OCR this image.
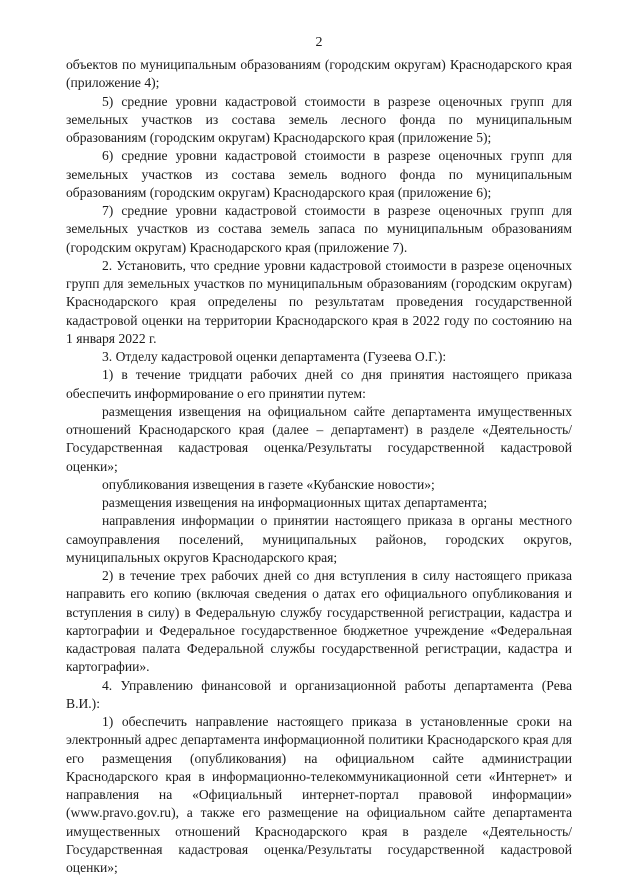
2

объектов по муниципальным образованиям (городским округам) Краснодарского края (приложение 4);

5) средние уровни кадастровой стоимости в разрезе оценочных групп для земельных участков из состава земель лесного фонда по муниципальным образованиям (городским округам) Краснодарского края (приложение 5);

6) средние уровни кадастровой стоимости в разрезе оценочных групп для земельных участков из состава земель водного фонда по муниципальным образованиям (городским округам) Краснодарского края (приложение 6);

7) средние уровни кадастровой стоимости в разрезе оценочных групп для земельных участков из состава земель запаса по муниципальным образованиям (городским округам) Краснодарского края (приложение 7).

2. Установить, что средние уровни кадастровой стоимости в разрезе оценочных групп для земельных участков по муниципальным образованиям (городским округам) Краснодарского края определены по результатам проведения государственной кадастровой оценки на территории Краснодарского края в 2022 году по состоянию на 1 января 2022 г.

3. Отделу кадастровой оценки департамента (Гузеева О.Г.):

1) в течение тридцати рабочих дней со дня принятия настоящего приказа обеспечить информирование о его принятии путем:

размещения извещения на официальном сайте департамента имущественных отношений Краснодарского края (далее – департамент) в разделе «Деятельность/Государственная кадастровая оценка/Результаты государственной кадастровой оценки»;

опубликования извещения в газете «Кубанские новости»;

размещения извещения на информационных щитах департамента;

направления информации о принятии настоящего приказа в органы местного самоуправления поселений, муниципальных районов, городских округов, муниципальных округов Краснодарского края;

2) в течение трех рабочих дней со дня вступления в силу настоящего приказа направить его копию (включая сведения о датах его официального опубликования и вступления в силу) в Федеральную службу государственной регистрации, кадастра и картографии и Федеральное государственное бюджетное учреждение «Федеральная кадастровая палата Федеральной службы государственной регистрации, кадастра и картографии».

4. Управлению финансовой и организационной работы департамента (Рева В.И.):

1) обеспечить направление настоящего приказа в установленные сроки на электронный адрес департамента информационной политики Краснодарского края для его размещения (опубликования) на официальном сайте администрации Краснодарского края в информационно-телекоммуникационной сети «Интернет» и направления на «Официальный интернет-портал правовой информации» (www.pravo.gov.ru), а также его размещение на официальном сайте департамента имущественных отношений Краснодарского края в разделе «Деятельность/Государственная кадастровая оценка/Результаты государственной кадастровой оценки»;
